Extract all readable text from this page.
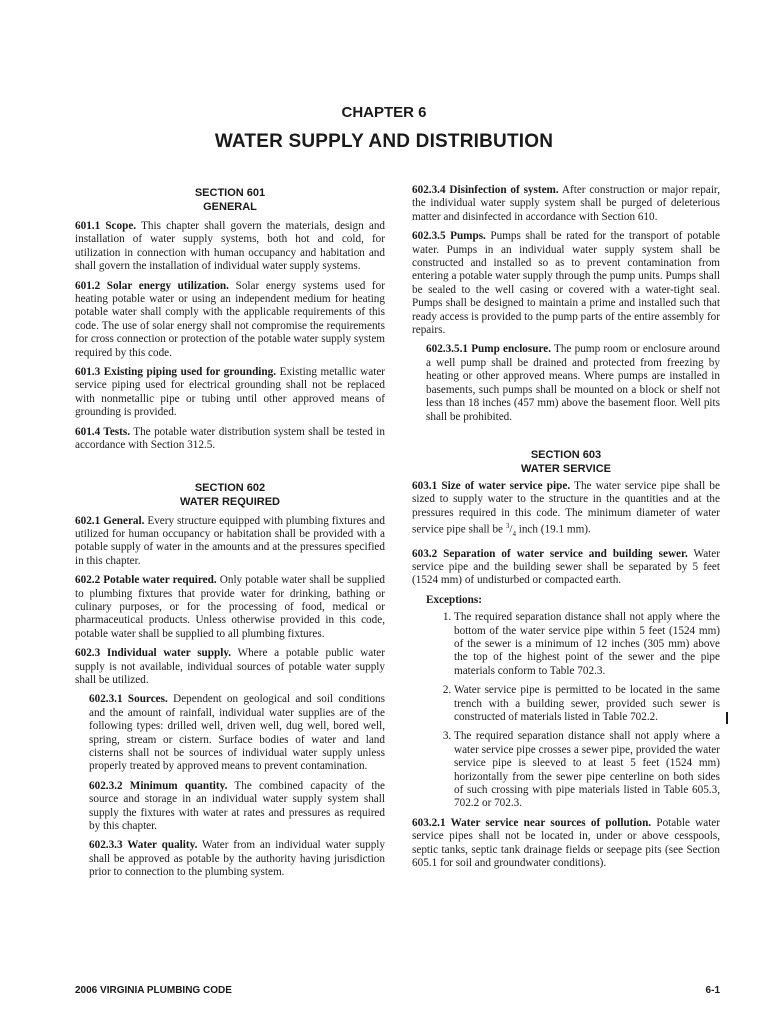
CHAPTER 6
WATER SUPPLY AND DISTRIBUTION
SECTION 601
GENERAL

601.1 Scope. This chapter shall govern the materials, design and installation of water supply systems, both hot and cold, for utilization in connection with human occupancy and habitation and shall govern the installation of individual water supply systems.

601.2 Solar energy utilization. Solar energy systems used for heating potable water or using an independent medium for heating potable water shall comply with the applicable requirements of this code. The use of solar energy shall not compromise the requirements for cross connection or protection of the potable water supply system required by this code.

601.3 Existing piping used for grounding. Existing metallic water service piping used for electrical grounding shall not be replaced with nonmetallic pipe or tubing until other approved means of grounding is provided.

601.4 Tests. The potable water distribution system shall be tested in accordance with Section 312.5.

SECTION 602
WATER REQUIRED

602.1 General. Every structure equipped with plumbing fixtures and utilized for human occupancy or habitation shall be provided with a potable supply of water in the amounts and at the pressures specified in this chapter.

602.2 Potable water required. Only potable water shall be supplied to plumbing fixtures that provide water for drinking, bathing or culinary purposes, or for the processing of food, medical or pharmaceutical products. Unless otherwise provided in this code, potable water shall be supplied to all plumbing fixtures.

602.3 Individual water supply. Where a potable public water supply is not available, individual sources of potable water supply shall be utilized.

602.3.1 Sources. Dependent on geological and soil conditions and the amount of rainfall, individual water supplies are of the following types: drilled well, driven well, dug well, bored well, spring, stream or cistern. Surface bodies of water and land cisterns shall not be sources of individual water supply unless properly treated by approved means to prevent contamination.

602.3.2 Minimum quantity. The combined capacity of the source and storage in an individual water supply system shall supply the fixtures with water at rates and pressures as required by this chapter.

602.3.3 Water quality. Water from an individual water supply shall be approved as potable by the authority having jurisdiction prior to connection to the plumbing system.

602.3.4 Disinfection of system. After construction or major repair, the individual water supply system shall be purged of deleterious matter and disinfected in accordance with Section 610.

602.3.5 Pumps. Pumps shall be rated for the transport of potable water. Pumps in an individual water supply system shall be constructed and installed so as to prevent contamination from entering a potable water supply through the pump units. Pumps shall be sealed to the well casing or covered with a water-tight seal. Pumps shall be designed to maintain a prime and installed such that ready access is provided to the pump parts of the entire assembly for repairs.

602.3.5.1 Pump enclosure. The pump room or enclosure around a well pump shall be drained and protected from freezing by heating or other approved means. Where pumps are installed in basements, such pumps shall be mounted on a block or shelf not less than 18 inches (457 mm) above the basement floor. Well pits shall be prohibited.

SECTION 603
WATER SERVICE

603.1 Size of water service pipe. The water service pipe shall be sized to supply water to the structure in the quantities and at the pressures required in this code. The minimum diameter of water service pipe shall be $^3/_4$ inch (19.1 mm).

603.2 Separation of water service and building sewer. Water service pipe and the building sewer shall be separated by 5 feet (1524 mm) of undisturbed or compacted earth.

Exceptions:
1. The required separation distance shall not apply where the bottom of the water service pipe within 5 feet (1524 mm) of the sewer is a minimum of 12 inches (305 mm) above the top of the highest point of the sewer and the pipe materials conform to Table 702.3.
2. Water service pipe is permitted to be located in the same trench with a building sewer, provided such sewer is constructed of materials listed in Table 702.2.
3. The required separation distance shall not apply where a water service pipe crosses a sewer pipe, provided the water service pipe is sleeved to at least 5 feet (1524 mm) horizontally from the sewer pipe centerline on both sides of such crossing with pipe materials listed in Table 605.3, 702.2 or 702.3.

603.2.1 Water service near sources of pollution. Potable water service pipes shall not be located in, under or above cesspools, septic tanks, septic tank drainage fields or seepage pits (see Section 605.1 for soil and groundwater conditions).

2006 VIRGINIA PLUMBING CODE	6-1
